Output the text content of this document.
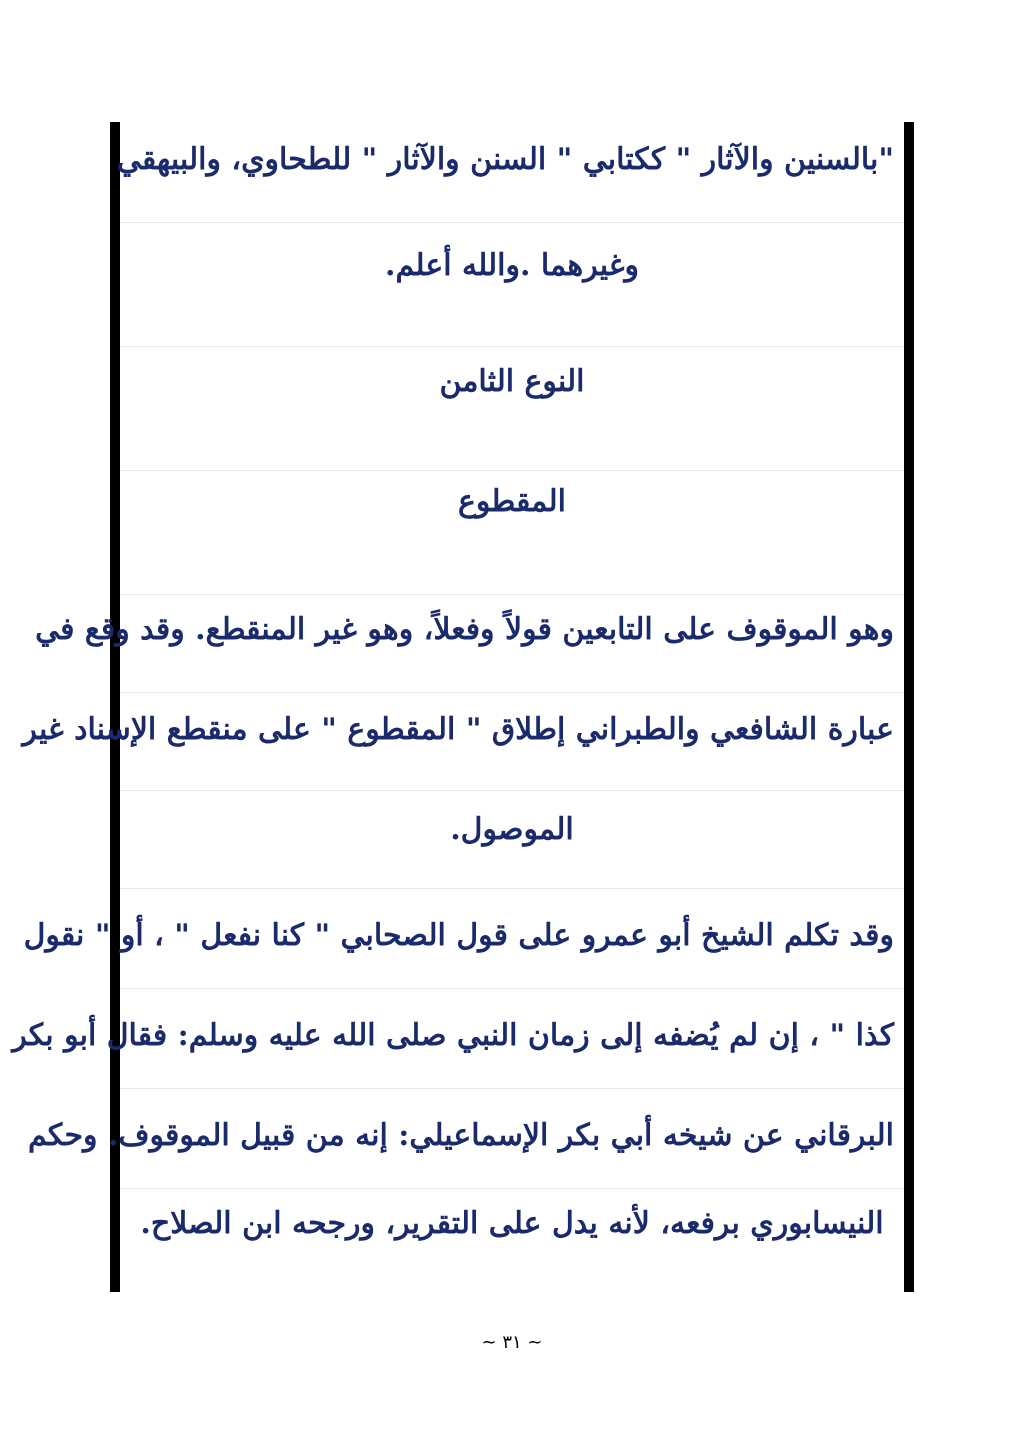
"بالسنين والآثار " ككتابي " السنن والآثار " للطحاوي، والبيهقي
وغيرهما .والله أعلم.
النوع الثامن
المقطوع
وهو الموقوف على التابعين قولاً وفعلاً، وهو غير المنقطع. وقد وقع في
عبارة الشافعي والطبراني إطلاق " المقطوع " على منقطع الإسناد غير
الموصول.
وقد تكلم الشيخ أبو عمرو على قول الصحابي " كنا نفعل " ، أو " نقول
كذا " ، إن لم يُضفه إلى زمان النبي صلى الله عليه وسلم: فقال أبو بكر
البرقاني عن شيخه أبي بكر الإسماعيلي: إنه من قبيل الموقوف. وحكم
النيسابوري برفعه، لأنه يدل على التقرير، ورجحه ابن الصلاح.
~ ٣١ ~
